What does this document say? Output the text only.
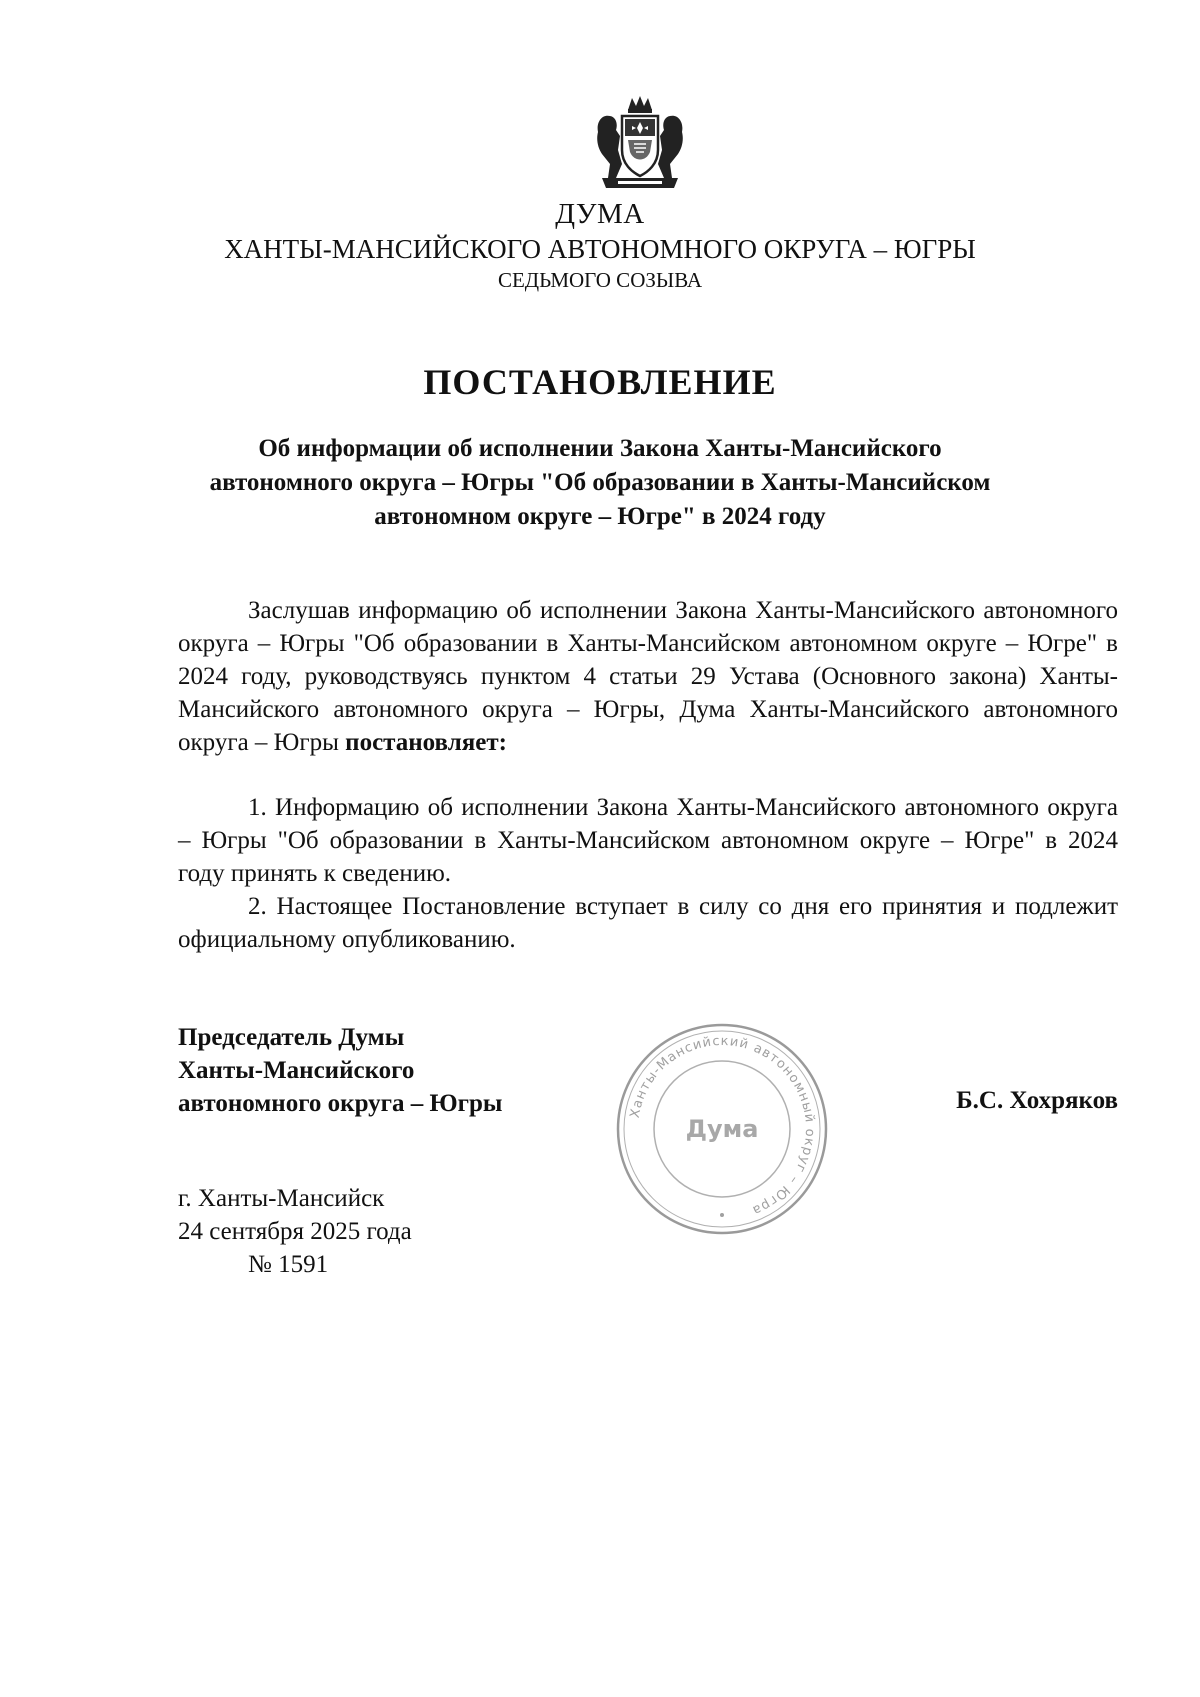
ДУМА
ХАНТЫ-МАНСИЙСКОГО АВТОНОМНОГО ОКРУГА – ЮГРЫ
СЕДЬМОГО СОЗЫВА
ПОСТАНОВЛЕНИЕ
Об информации об исполнении Закона Ханты-Мансийского
автономного округа – Югры "Об образовании в Ханты-Мансийском
автономном округе – Югре" в 2024 году
Заслушав информацию об исполнении Закона Ханты-Мансийского автономного округа – Югры "Об образовании в Ханты-Мансийском автономном округе – Югре" в 2024 году, руководствуясь пунктом 4 статьи 29 Устава (Основного закона) Ханты-Мансийского автономного округа – Югры, Дума Ханты-Мансийского автономного округа – Югры постановляет:
1. Информацию об исполнении Закона Ханты-Мансийского автономного округа – Югры "Об образовании в Ханты-Мансийском автономном округе – Югре" в 2024 году принять к сведению.
2. Настоящее Постановление вступает в силу со дня его принятия и подлежит официальному опубликованию.
Председатель Думы
Ханты-Мансийского
автономного округа – Югры	Ханты-Мансийский автономный округ – Югра
Дума
Б.С. Хохряков
г. Ханты-Мансийск
24 сентября 2025 года
№ 1591
